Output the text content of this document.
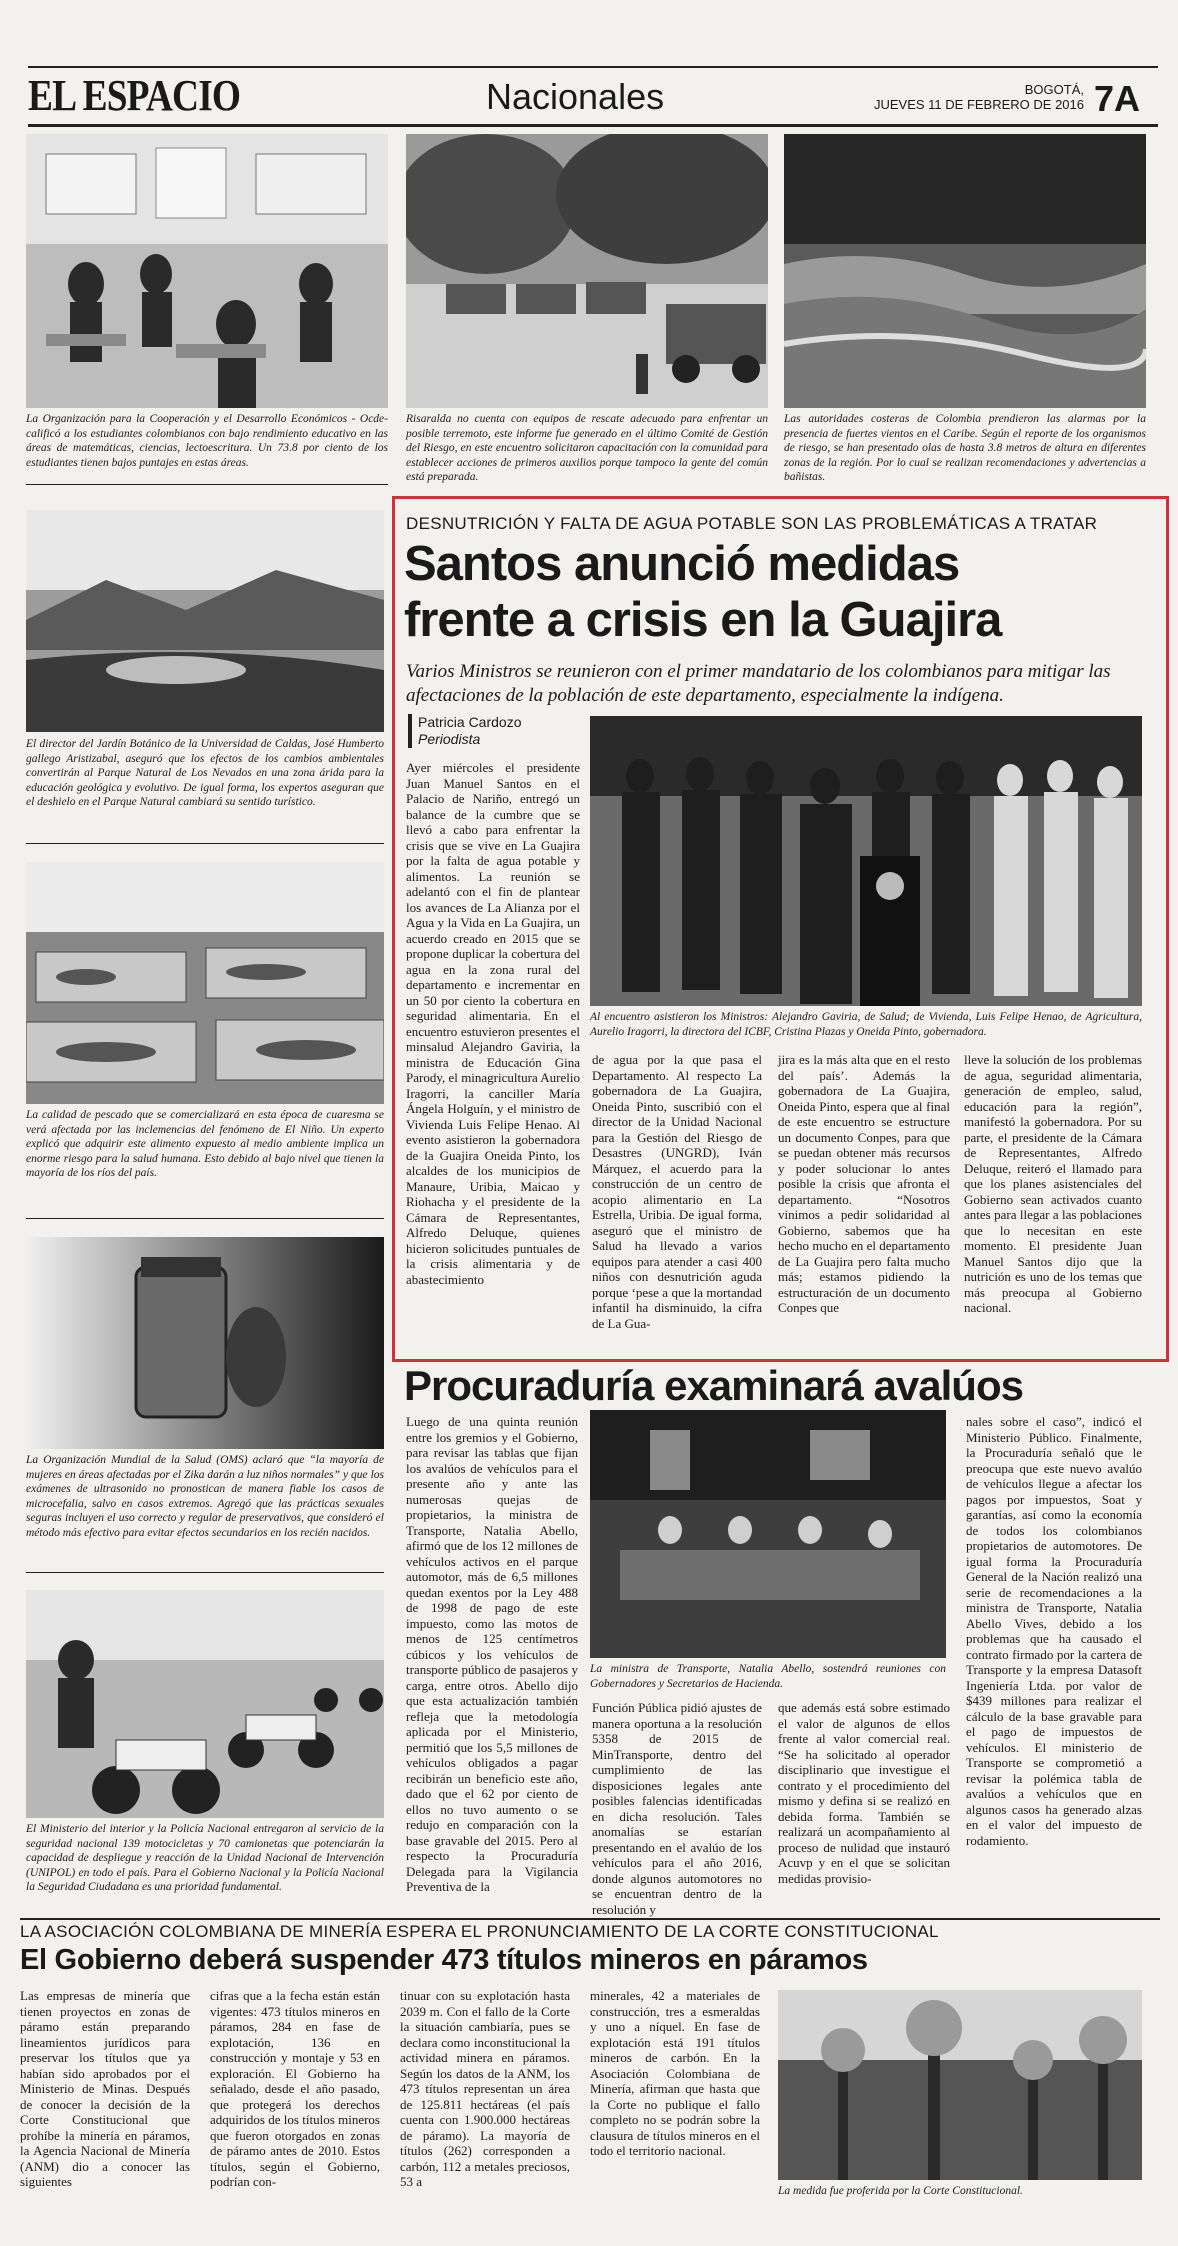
EL ESPACIO	Nacionales	BOGOTÁ,
JUEVES 11 DE FEBRERO DE 2016 7A
La Organización para la Cooperación y el Desarrollo Económicos - Ocde- calificó a los estudiantes colombianos con bajo rendimiento educativo en las áreas de matemáticas, ciencias, lectoescritura. Un 73.8 por ciento de los estudiantes tienen bajos puntajes en estas áreas.
Risaralda no cuenta con equipos de rescate adecuado para enfrentar un posible terremoto, este informe fue generado en el último Comité de Gestión del Riesgo, en este encuentro solicitaron capacitación con la comunidad para establecer acciones de primeros auxilios porque tampoco la gente del común está preparada.
Las autoridades costeras de Colombia prendieron las alarmas por la presencia de fuertes vientos en el Caribe. Según el reporte de los organismos de riesgo, se han presentado olas de hasta 3.8 metros de altura en diferentes zonas de la región. Por lo cual se realizan recomendaciones y advertencias a bañistas.
El director del Jardín Botánico de la Universidad de Caldas, José Humberto gallego Aristizabal, aseguró que los efectos de los cambios ambientales convertirán al Parque Natural de Los Nevados en una zona árida para la educación geológica y evolutivo. De igual forma, los expertos aseguran que el deshielo en el Parque Natural cambiará su sentido turístico.
La calidad de pescado que se comercializará en esta época de cuaresma se verá afectada por las inclemencias del fenómeno de El Niño. Un experto explicó que adquirir este alimento expuesto al medio ambiente implica un enorme riesgo para la salud humana. Esto debido al bajo nivel que tienen la mayoría de los ríos del país.
La Organización Mundial de la Salud (OMS) aclaró que “la mayoría de mujeres en áreas afectadas por el Zika darán a luz niños normales” y que los exámenes de ultrasonido no pronostican de manera fiable los casos de microcefalia, salvo en casos extremos. Agregó que las prácticas sexuales seguras incluyen el uso correcto y regular de preservativos, que consideró el método más efectivo para evitar efectos secundarios en los recién nacidos.
El Ministerio del interior y la Policía Nacional entregaron al servicio de la seguridad nacional 139 motocicletas y 70 camionetas que potenciarán la capacidad de despliegue y reacción de la Unidad Nacional de Intervención (UNIPOL) en todo el país. Para el Gobierno Nacional y la Policía Nacional la Seguridad Ciudadana es una prioridad fundamental.
DESNUTRICIÓN Y FALTA DE AGUA POTABLE SON LAS PROBLEMÁTICAS A TRATAR
Santos anunció medidas
frente a crisis en la Guajira
Varios Ministros se reunieron con el primer mandatario de los colombianos para mitigar las afectaciones de la población de este departamento, especialmente la indígena.
Patricia Cardozo
Periodista
Al encuentro asistieron los Ministros: Alejandro Gaviria, de Salud; de Vivienda, Luis Felipe Henao, de Agricultura, Aurelio Iragorri, la directora del ICBF, Cristina Plazas y Oneida Pinto, gobernadora.
Ayer miércoles el presidente Juan Manuel Santos en el Palacio de Nariño, entregó un balance de la cumbre que se llevó a cabo para enfrentar la crisis que se vive en La Guajira por la falta de agua potable y alimentos. La reunión se adelantó con el fin de plantear los avances de La Alianza por el Agua y la Vida en La Guajira, un acuerdo creado en 2015 que se propone duplicar la cobertura del agua en la zona rural del departamento e incrementar en un 50 por ciento la cobertura en seguridad alimentaria. En el encuentro estuvieron presentes el minsalud Alejandro Gaviria, la ministra de Educación Gina Parody, el minagricultura Aurelio Iragorri, la canciller María Ángela Holguín, y el ministro de Vivienda Luis Felipe Henao. Al evento asistieron la gobernadora de la Guajira Oneida Pinto, los alcaldes de los municipios de Manaure, Uribia, Maicao y Riohacha y el presidente de la Cámara de Representantes, Alfredo Deluque, quienes hicieron solicitudes puntuales de la crisis alimentaria y de abastecimiento
de agua por la que pasa el Departamento. Al respecto La gobernadora de La Guajira, Oneida Pinto, suscribió con el director de la Unidad Nacional para la Gestión del Riesgo de Desastres (UNGRD), Iván Márquez, el acuerdo para la construcción de un centro de acopio alimentario en La Estrella, Uribia. De igual forma, aseguró que el ministro de Salud ha llevado a varios equipos para atender a casi 400 niños con desnutrición aguda porque ‘pese a que la mortandad infantil ha disminuido, la cifra de La Gua-
jira es la más alta que en el resto del país’. Además la gobernadora de La Guajira, Oneida Pinto, espera que al final de este encuentro se estructure un documento Conpes, para que se puedan obtener más recursos y poder solucionar lo antes posible la crisis que afronta el departamento. “Nosotros vinimos a pedir solidaridad al Gobierno, sabemos que ha hecho mucho en el departamento de La Guajira pero falta mucho más; estamos pidiendo la estructuración de un documento Conpes que
lleve la solución de los problemas de agua, seguridad alimentaria, generación de empleo, salud, educación para la región”, manifestó la gobernadora. Por su parte, el presidente de la Cámara de Representantes, Alfredo Deluque, reiteró el llamado para que los planes asistenciales del Gobierno sean activados cuanto antes para llegar a las poblaciones que lo necesitan en este momento. El presidente Juan Manuel Santos dijo que la nutrición es uno de los temas que más preocupa al Gobierno nacional.
Procuraduría examinará avalúos
La ministra de Transporte, Natalia Abello, sostendrá reuniones con Gobernadores y Secretarios de Hacienda.
Luego de una quinta reunión entre los gremios y el Gobierno, para revisar las tablas que fijan los avalúos de vehículos para el presente año y ante las numerosas quejas de propietarios, la ministra de Transporte, Natalia Abello, afirmó que de los 12 millones de vehículos activos en el parque automotor, más de 6,5 millones quedan exentos por la Ley 488 de 1998 de pago de este impuesto, como las motos de menos de 125 centímetros cúbicos y los vehículos de transporte público de pasajeros y carga, entre otros. Abello dijo que esta actualización también refleja que la metodología aplicada por el Ministerio, permitió que los 5,5 millones de vehículos obligados a pagar recibirán un beneficio este año, dado que el 62 por ciento de ellos no tuvo aumento o se redujo en comparación con la base gravable del 2015. Pero al respecto la Procuraduría Delegada para la Vigilancia Preventiva de la
Función Pública pidió ajustes de manera oportuna a la resolución 5358 de 2015 de MinTransporte, dentro del cumplimiento de las disposiciones legales ante posibles falencias identificadas en dicha resolución. Tales anomalías se estarían presentando en el avalúo de los vehículos para el año 2016, donde algunos automotores no se encuentran dentro de la resolución y
que además está sobre estimado el valor de algunos de ellos frente al valor comercial real. “Se ha solicitado al operador disciplinario que investigue el contrato y el procedimiento del mismo y defina si se realizó en debida forma. También se realizará un acompañamiento al proceso de nulidad que instauró Acuvp y en el que se solicitan medidas provisio-
nales sobre el caso”, indicó el Ministerio Público. Finalmente, la Procuraduría señaló que le preocupa que este nuevo avalúo de vehículos llegue a afectar los pagos por impuestos, Soat y garantías, así como la economía de todos los colombianos propietarios de automotores. De igual forma la Procuraduría General de la Nación realizó una serie de recomendaciones a la ministra de Transporte, Natalia Abello Vives, debido a los problemas que ha causado el contrato firmado por la cartera de Transporte y la empresa Datasoft Ingeniería Ltda. por valor de $439 millones para realizar el cálculo de la base gravable para el pago de impuestos de vehículos. El ministerio de Transporte se comprometió a revisar la polémica tabla de avalúos a vehículos que en algunos casos ha generado alzas en el valor del impuesto de rodamiento.
LA ASOCIACIÓN COLOMBIANA DE MINERÍA ESPERA EL PRONUNCIAMIENTO DE LA CORTE CONSTITUCIONAL
El Gobierno deberá suspender 473 títulos mineros en páramos
Las empresas de minería que tienen proyectos en zonas de páramo están preparando lineamientos jurídicos para preservar los títulos que ya habían sido aprobados por el Ministerio de Minas. Después de conocer la decisión de la Corte Constitucional que prohíbe la minería en páramos, la Agencia Nacional de Minería (ANM) dio a conocer las siguientes
cifras que a la fecha están están vigentes: 473 títulos mineros en páramos, 284 en fase de explotación, 136 en construcción y montaje y 53 en exploración. El Gobierno ha señalado, desde el año pasado, que protegerá los derechos adquiridos de los títulos mineros que fueron otorgados en zonas de páramo antes de 2010. Estos títulos, según el Gobierno, podrían con-
tinuar con su explotación hasta 2039 m. Con el fallo de la Corte la situación cambiaría, pues se declara como inconstitucional la actividad minera en páramos. Según los datos de la ANM, los 473 títulos representan un área de 125.811 hectáreas (el país cuenta con 1.900.000 hectáreas de páramo). La mayoría de títulos (262) corresponden a carbón, 112 a metales preciosos, 53 a
minerales, 42 a materiales de construcción, tres a esmeraldas y uno a níquel. En fase de explotación está 191 títulos mineros de carbón. En la Asociación Colombiana de Minería, afirman que hasta que la Corte no publique el fallo completo no se podrán sobre la clausura de títulos mineros en el todo el territorio nacional.
La medida fue proferida por la Corte Constitucional.
